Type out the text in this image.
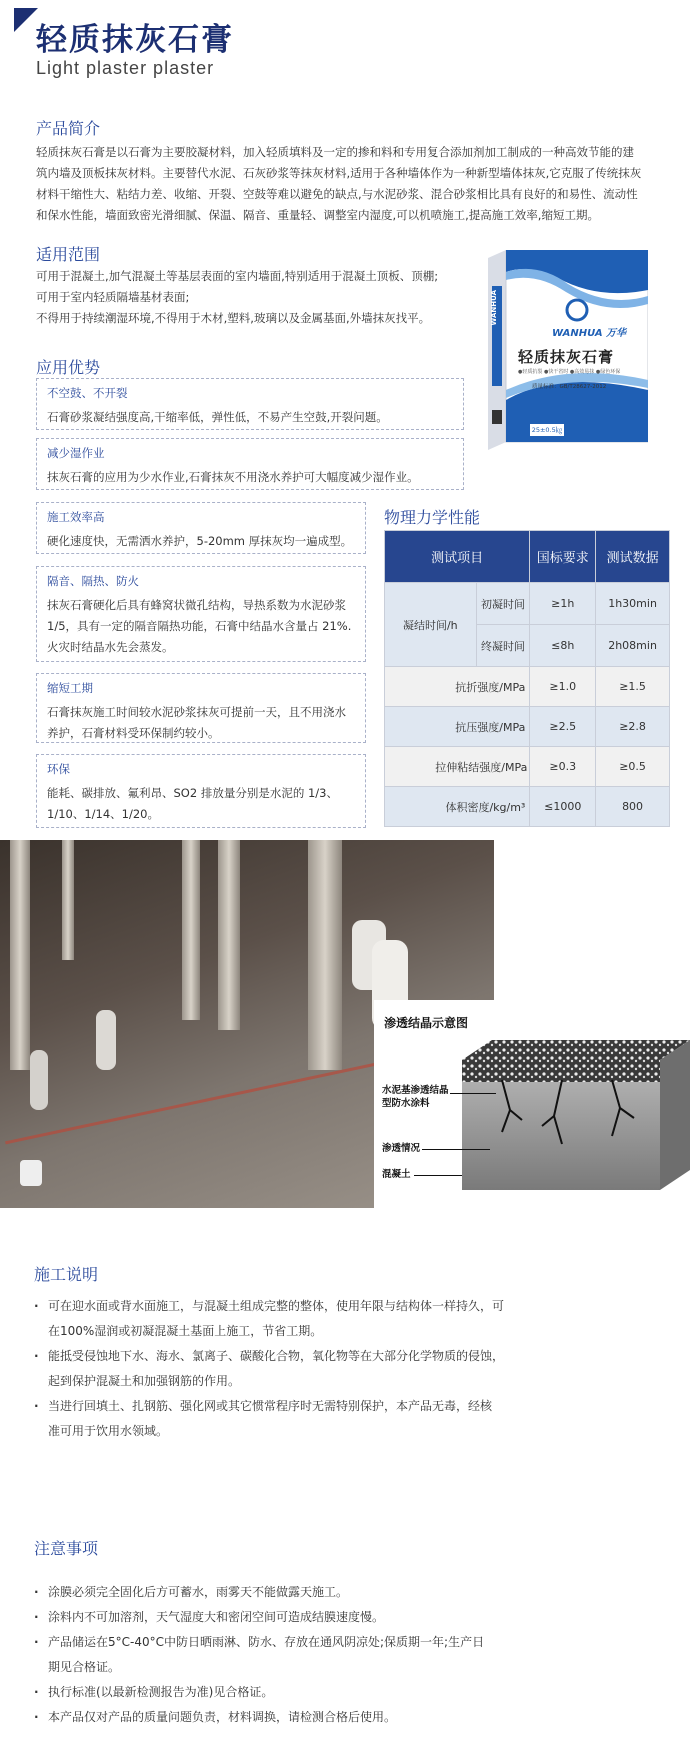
轻质抹灰石膏
Light plaster plaster
产品简介
轻质抹灰石膏是以石膏为主要胶凝材料，加入轻质填料及一定的掺和料和专用复合添加剂加工制成的一种高效节能的建
筑内墙及顶板抹灰材料。主要替代水泥、石灰砂浆等抹灰材料,适用于各种墙体作为一种新型墙体抹灰,它克服了传统抹灰
材料干缩性大、粘结力差、收缩、开裂、空鼓等难以避免的缺点,与水泥砂浆、混合砂浆相比具有良好的和易性、流动性
和保水性能，墙面致密光滑细腻、保温、隔音、重量轻、调整室内湿度,可以机喷施工,提高施工效率,缩短工期。
适用范围
可用于混凝土,加气混凝土等基层表面的室内墙面,特别适用于混凝土顶板、顶棚;
可用于室内轻质隔墙基材表面;
不得用于持续潮湿环境,不得用于木材,塑料,玻璃以及金属基面,外墙抹灰找平。
WANHUA 万华
轻质抹灰石膏
●轻质抗裂 ●快干省时 ●高效易抹 ●绿色环保
质量标准：GB/T28627-2012
25±0.5㎏
WANHUA
应用优势
不空鼓、不开裂
石膏砂浆凝结强度高,干缩率低，弹性低，不易产生空鼓,开裂问题。
减少湿作业
抹灰石膏的应用为少水作业,石膏抹灰不用浇水养护可大幅度减少湿作业。
施工效率高
硬化速度快，无需洒水养护，5-20mm 厚抹灰均一遍成型。
隔音、隔热、防火
抹灰石膏硬化后具有蜂窝状微孔结构，导热系数为水泥砂浆
1/5，具有一定的隔音隔热功能，石膏中结晶水含量占 21%.
火灾时结晶水先会蒸发。
缩短工期
石膏抹灰施工时间较水泥砂浆抹灰可提前一天，且不用浇水
养护，石膏材料受环保制约较小。
环保
能耗、碳排放、氟利昂、SO2 排放量分别是水泥的 1/3、
1/10、1/14、1/20。
物理力学性能
测试项目		国标要求	测试数据
凝结时间/h	初凝时间	≥1h	1h30min
	终凝时间	≤8h	2h08min
抗折强度/MPa		≥1.0	≥1.5
抗压强度/MPa		≥2.5	≥2.8
拉伸粘结强度/MPa		≥0.3	≥0.5
体积密度/kg/m³		≤1000	800
渗透结晶示意图
水泥基渗透结晶
型防水涂料
渗透情况
混凝土
施工说明
· 可在迎水面或背水面施工，与混凝土组成完整的整体，使用年限与结构体一样持久，可
在100%湿润或初凝混凝土基面上施工，节省工期。
· 能抵受侵蚀地下水、海水、氯离子、碳酸化合物，氧化物等在大部分化学物质的侵蚀，
起到保护混凝土和加强钢筋的作用。
· 当进行回填土、扎钢筋、强化网或其它惯常程序时无需特别保护，本产品无毒，经核
准可用于饮用水领域。
注意事项
· 涂膜必须完全固化后方可蓄水，雨雾天不能做露天施工。
· 涂料内不可加溶剂，天气湿度大和密闭空间可造成结膜速度慢。
· 产品储运在5°C-40°C中防日晒雨淋、防水、存放在通风阴凉处;保质期一年;生产日
期见合格证。
· 执行标准(以最新检测报告为准)见合格证。
· 本产品仅对产品的质量问题负责，材料调换，请检测合格后使用。
